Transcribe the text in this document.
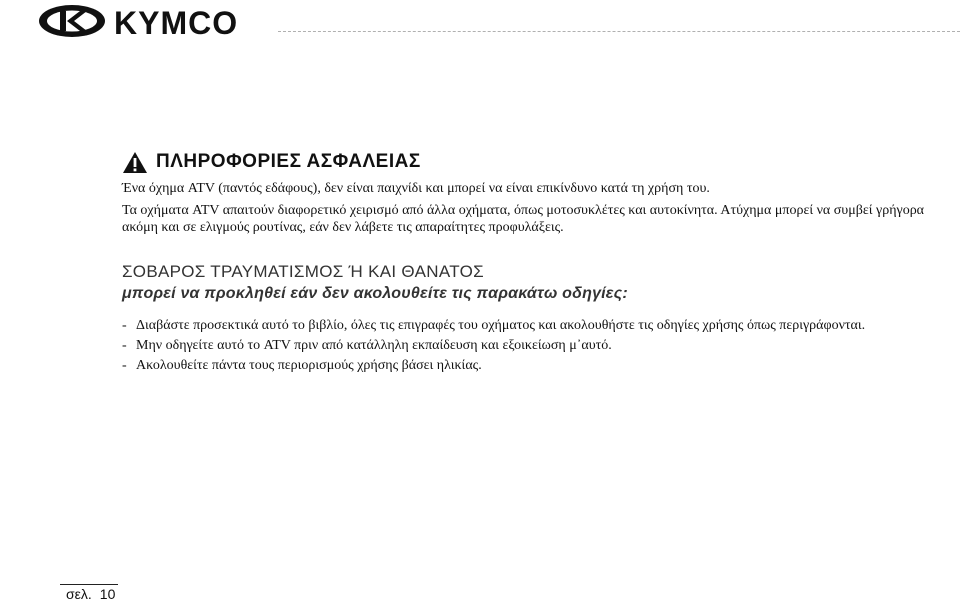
KYMCO
ΠΛΗΡΟΦΟΡΙΕΣ ΑΣΦΑΛΕΙΑΣ

Ένα όχημα ATV (παντός εδάφους), δεν είναι παιχνίδι και μπορεί να είναι επικίνδυνο κατά τη χρήση του.

Τα οχήματα ATV απαιτούν διαφορετικό χειρισμό από άλλα οχήματα, όπως μοτοσυκλέτες και αυτοκίνητα. Ατύχημα μπορεί να συμβεί γρήγορα ακόμη και σε ελιγμούς ρουτίνας, εάν δεν λάβετε τις απαραίτητες προφυλάξεις.

ΣΟΒΑΡΟΣ ΤΡΑΥΜΑΤΙΣΜΟΣ Ή ΚΑΙ ΘΑΝΑΤΟΣ
μπορεί να προκληθεί εάν δεν ακολουθείτε τις παρακάτω οδηγίες:
- Διαβάστε προσεκτικά αυτό το βιβλίο, όλες τις επιγραφές του οχήματος και ακολουθήστε τις οδηγίες χρήσης όπως περιγράφονται.
- Μην οδηγείτε αυτό το ATV πριν από κατάλληλη εκπαίδευση και εξοικείωση μ᾽αυτό.
- Ακολουθείτε πάντα τους περιορισμούς χρήσης βάσει ηλικίας.
σελ. 10
